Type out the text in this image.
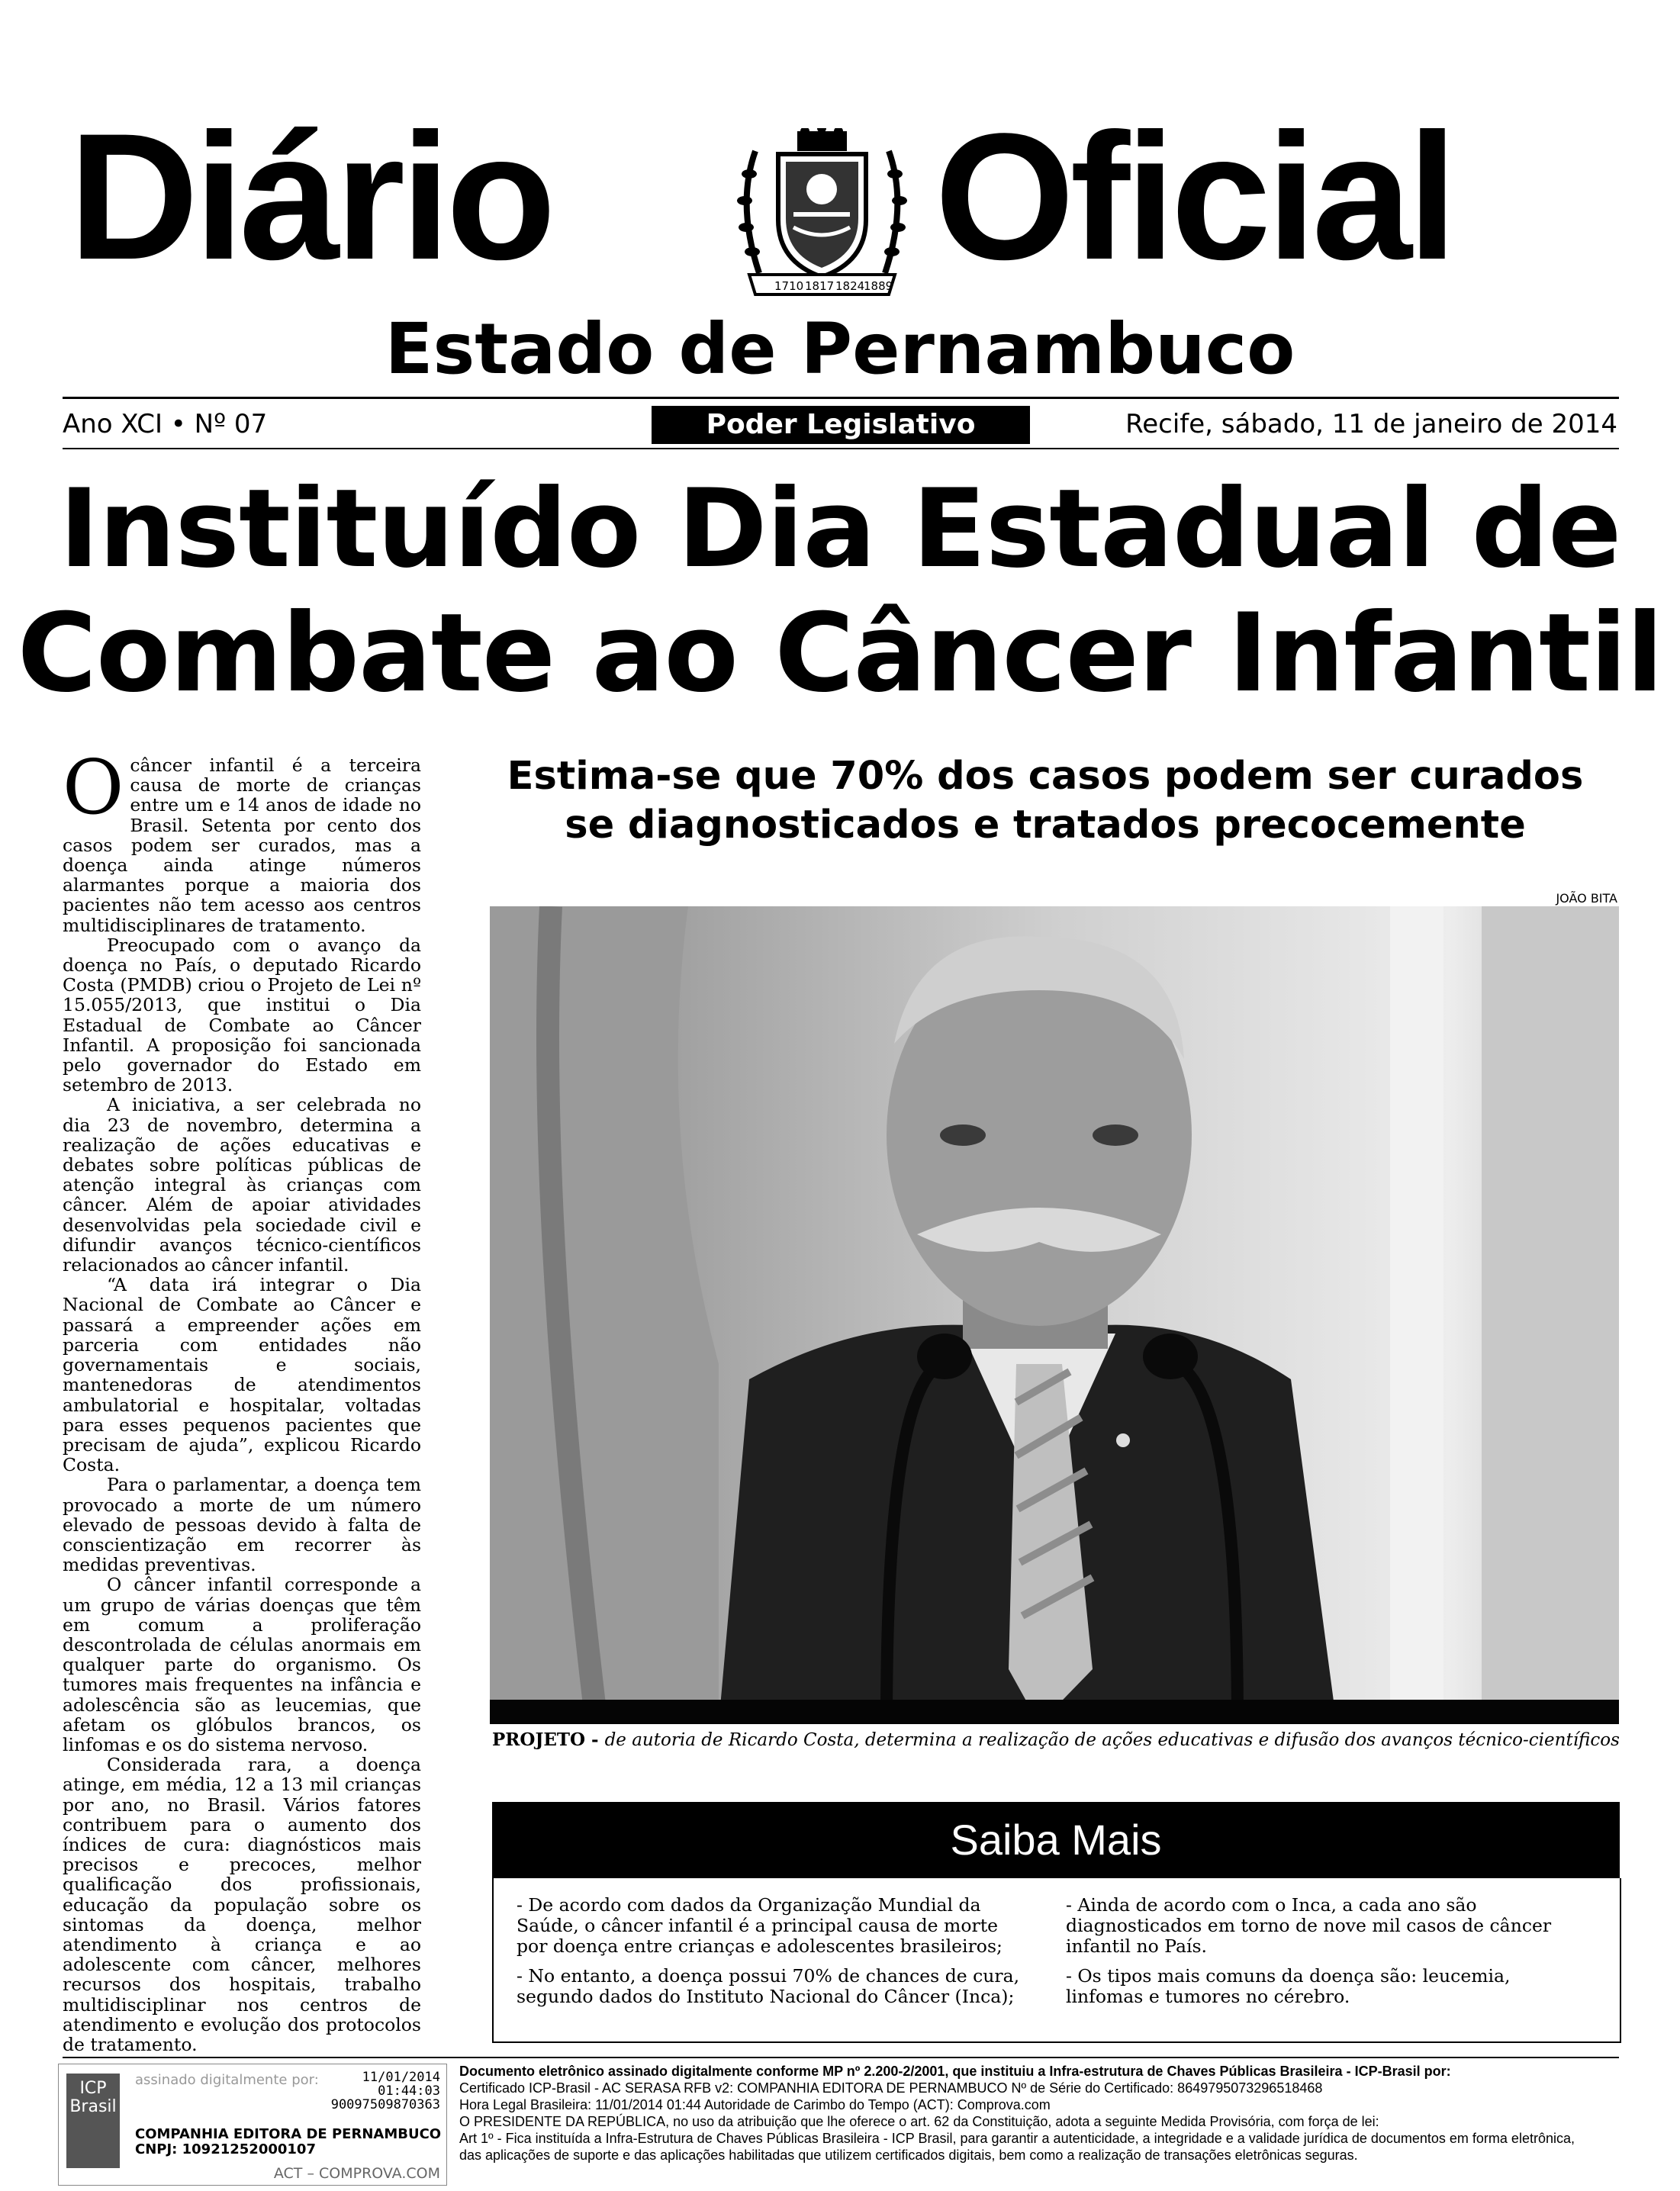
Diário	1710 1817 1824
1889 Oficial
Estado de Pernambuco
Ano XCI • Nº 07	Poder Legislativo	Recife, sábado, 11 de janeiro de 2014
Instituído Dia Estadual de
Combate ao Câncer Infantil

O câncer infantil é a terceira causa de morte de crianças entre um e 14 anos de idade no Brasil. Setenta por cento dos casos podem ser curados, mas a doença ainda atinge números alarmantes porque a maioria dos pacientes não tem acesso aos centros multidisciplinares de tratamento.

Preocupado com o avanço da doença no País, o deputado Ricardo Costa (PMDB) criou o Projeto de Lei nº 15.055/2013, que institui o Dia Estadual de Combate ao Câncer Infantil. A proposição foi sancionada pelo governador do Estado em setembro de 2013.

A iniciativa, a ser celebrada no dia 23 de novembro, determina a realização de ações educativas e debates sobre políticas públicas de atenção integral às crianças com câncer. Além de apoiar atividades desenvolvidas pela sociedade civil e difundir avanços técnico-científicos relacionados ao câncer infantil.

“A data irá integrar o Dia Nacional de Combate ao Câncer e passará a empreender ações em parceria com entidades não governamentais e sociais, mantenedoras de atendimentos ambulatorial e hospitalar, voltadas para esses pequenos pacientes que precisam de ajuda”, explicou Ricardo Costa.

Para o parlamentar, a doença tem provocado a morte de um número elevado de pessoas devido à falta de conscientização em recorrer às medidas preventivas.

O câncer infantil corresponde a um grupo de várias doenças que têm em comum a proliferação descontrolada de células anormais em qualquer parte do organismo. Os tumores mais frequentes na infância e adolescência são as leucemias, que afetam os glóbulos brancos, os linfomas e os do sistema nervoso.

Considerada rara, a doença atinge, em média, 12 a 13 mil crianças por ano, no Brasil. Vários fatores contribuem para o aumento dos índices de cura: diagnósticos mais precisos e precoces, melhor qualificação dos profissionais, educação da população sobre os sintomas da doença, melhor atendimento à criança e ao adolescente com câncer, melhores recursos dos hospitais, trabalho multidisciplinar nos centros de atendimento e evolução dos protocolos de tratamento.

Estima-se que 70% dos casos podem ser curados
se diagnosticados e tratados precocemente
JOÃO BITA
PROJETO - de autoria de Ricardo Costa, determina a realização de ações educativas e difusão dos avanços técnico-científicos
Saiba Mais

- De acordo com dados da Organização Mundial da Saúde, o câncer infantil é a principal causa de morte por doença entre crianças e adolescentes brasileiros;

- No entanto, a doença possui 70% de chances de cura, segundo dados do Instituto Nacional do Câncer (Inca);

- Ainda de acordo com o Inca, a cada ano são diagnosticados em torno de nove mil casos de câncer infantil no País.

- Os tipos mais comuns da doença são: leucemia, linfomas e tumores no cérebro.

ICP Brasil
assinado digitalmente por:	11/01/2014
01:44:03
90097509870363
COMPANHIA EDITORA DE PERNAMBUCO
CNPJ: 10921252000107
ACT – COMPROVA.COM

Documento eletrônico assinado digitalmente conforme MP nº 2.200-2/2001, que instituiu a Infra-estrutura de Chaves Públicas Brasileira - ICP-Brasil por:

Certificado ICP-Brasil - AC SERASA RFB v2: COMPANHIA EDITORA DE PERNAMBUCO Nº de Série do Certificado: 8649795073296518468

Hora Legal Brasileira: 11/01/2014 01:44 Autoridade de Carimbo do Tempo (ACT): Comprova.com

O PRESIDENTE DA REPÚBLICA, no uso da atribuição que lhe oferece o art. 62 da Constituição, adota a seguinte Medida Provisória, com força de lei:

Art 1º - Fica instituída a Infra-Estrutura de Chaves Públicas Brasileira - ICP Brasil, para garantir a autenticidade, a integridade e a validade jurídica de documentos em forma eletrônica,

das aplicações de suporte e das aplicações habilitadas que utilizem certificados digitais, bem como a realização de transações eletrônicas seguras.
